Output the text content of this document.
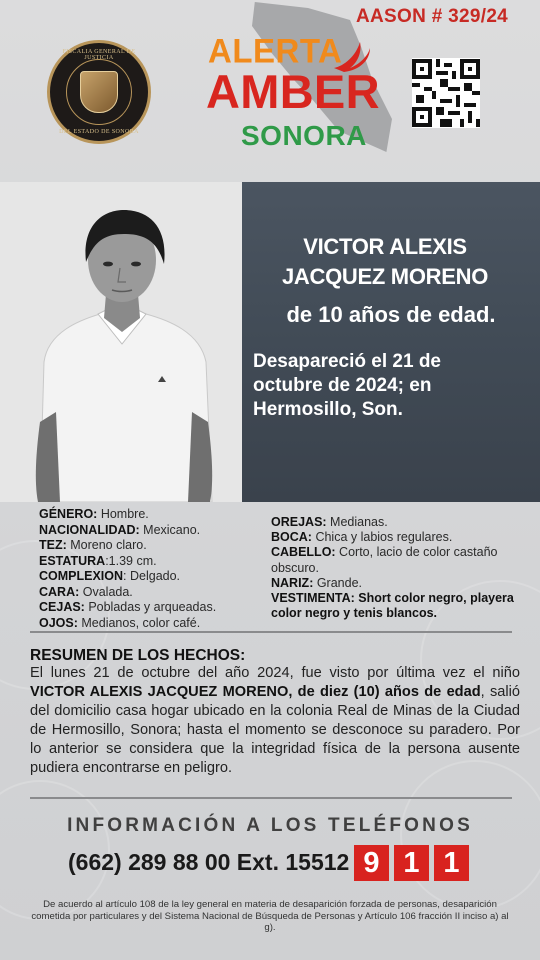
FISCALIA GENERAL DE JUSTICIA
DEL ESTADO DE SONORA
ALERTA
AMBER
SONORA
AASON # 329/24
VICTOR ALEXIS
JACQUEZ MORENO
de 10 años de edad.
Desapareció el 21 de
octubre de 2024; en
Hermosillo, Son.
GÉNERO: Hombre.
NACIONALIDAD: Mexicano.
TEZ: Moreno claro.
ESTATURA:1.39 cm.
COMPLEXION: Delgado.
CARA: Ovalada.
CEJAS: Pobladas y arqueadas.
OJOS: Medianos, color café.
OREJAS: Medianas.
BOCA: Chica y labios regulares.
CABELLO: Corto, lacio de color castaño obscuro.
NARIZ: Grande.
VESTIMENTA: Short color negro, playera color negro y tenis blancos.
RESUMEN DE LOS HECHOS:
El lunes 21 de octubre del año 2024, fue visto por última vez el niño VICTOR ALEXIS JACQUEZ MORENO, de diez (10) años de edad, salió del domicilio casa hogar ubicado en la colonia Real de Minas de la Ciudad de Hermosillo, Sonora; hasta el momento se desconoce su paradero. Por lo anterior se considera que la integridad física de la persona ausente pudiera encontrarse en peligro.
INFORMACIÓN A LOS TELÉFONOS
(662) 289 88 00 Ext. 15512 9 1 1
De acuerdo al artículo 108 de la ley general en materia de desaparición forzada de personas, desaparición cometida por particulares y del Sistema Nacional de Búsqueda de Personas y Artículo 106 fracción II inciso a) al g).
